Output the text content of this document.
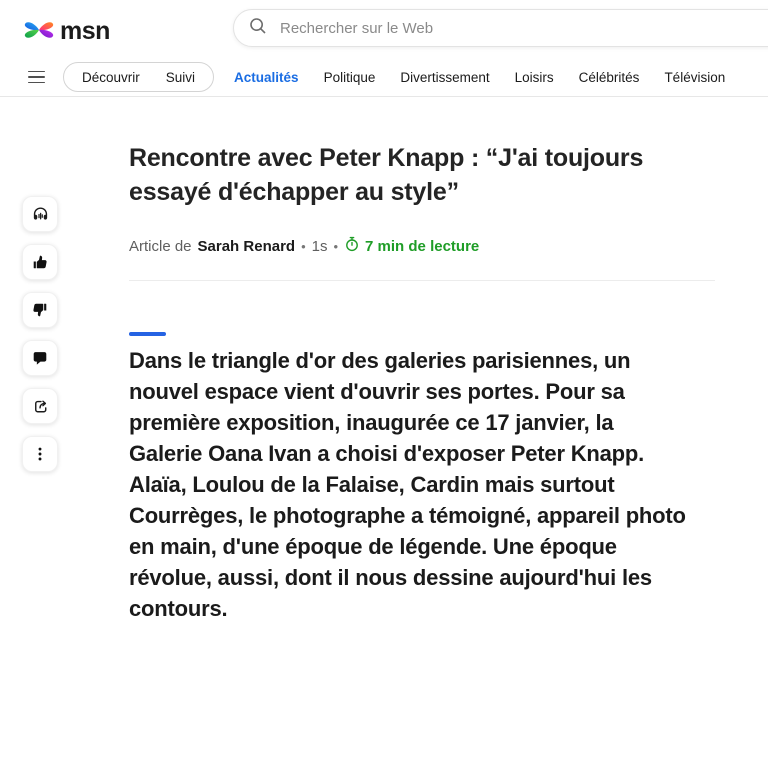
msn
Rechercher sur le Web
Découvrir Suivi	Actualités Politique Divertissement Loisirs Célébrités Télévision
Rencontre avec Peter Knapp : “J'ai toujours
essayé d'échapper au style”
Article de Sarah Renard • 1s • 7 min de lecture

Dans le triangle d'or des galeries parisiennes, un nouvel espace vient d'ouvrir ses portes. Pour sa première exposition, inaugurée ce 17 janvier, la Galerie Oana Ivan a choisi d'exposer Peter Knapp. Alaïa, Loulou de la Falaise, Cardin mais surtout Courrèges, le photographe a témoigné, appareil photo en main, d'une époque de légende. Une époque révolue, aussi, dont il nous dessine aujourd'hui les contours.
